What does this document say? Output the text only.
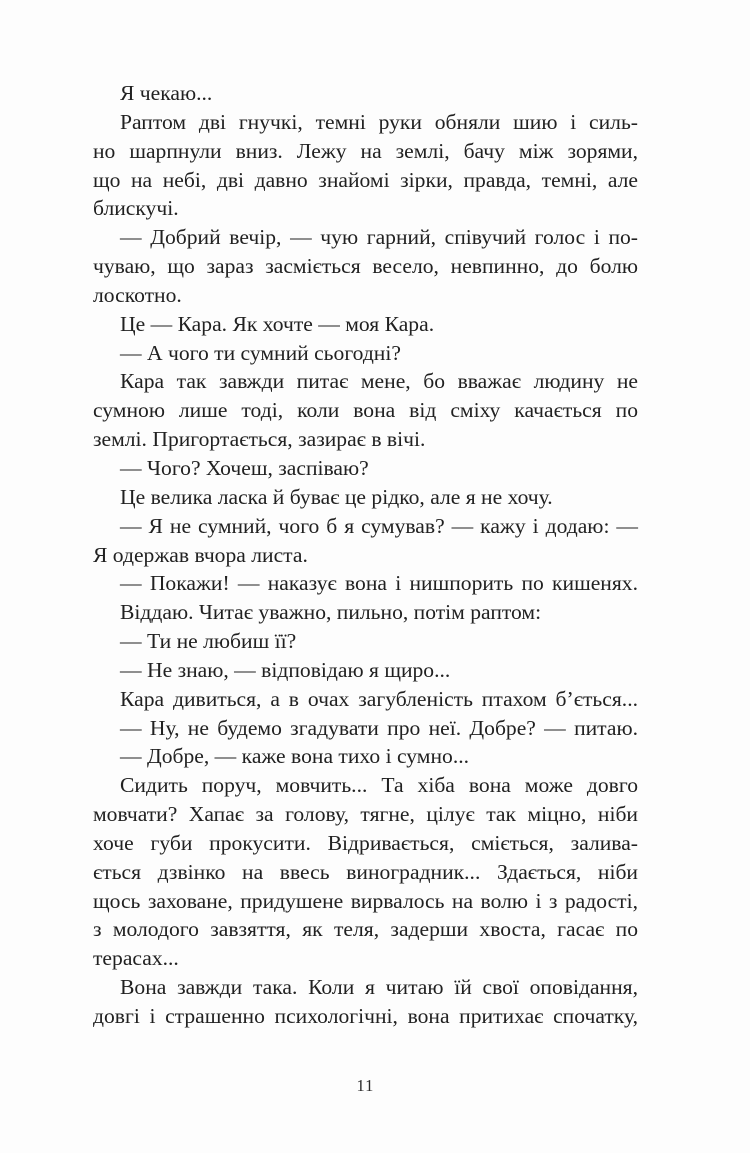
Я чекаю...
Раптом дві гнучкі, темні руки обняли шию і силь-
но шарпнули вниз. Лежу на землі, бачу між зорями,
що на небі, дві давно знайомі зірки, правда, темні, але
блискучі.
— Добрий вечір, — чую гарний, співучий голос і по-
чуваю, що зараз засміється весело, невпинно, до болю
лоскотно.
Це — Кара. Як хочте — моя Кара.
— А чого ти сумний сьогодні?
Кара так завжди питає мене, бо вважає людину не
сумною лише тоді, коли вона від сміху качається по
землі. Пригортається, зазирає в вічі.
— Чого? Хочеш, заспіваю?
Це велика ласка й буває це рідко, але я не хочу.
— Я не сумний, чого б я сумував? — кажу і додаю: —
Я одержав вчора листа.
— Покажи! — наказує вона і нишпорить по кишенях.
Віддаю. Читає уважно, пильно, потім раптом:
— Ти не любиш її?
— Не знаю, — відповідаю я щиро...
Кара дивиться, а в очах загубленість птахом б’ється...
— Ну, не будемо згадувати про неї. Добре? — питаю.
— Добре, — каже вона тихо і сумно...
Сидить поруч, мовчить... Та хіба вона може довго
мовчати? Хапає за голову, тягне, цілує так міцно, ніби
хоче губи прокусити. Відривається, сміється, залива-
ється дзвінко на ввесь виноградник... Здається, ніби
щось заховане, придушене вирвалось на волю і з радості,
з молодого завзяття, як теля, задерши хвоста, гасає по
терасах...
Вона завжди така. Коли я читаю їй свої оповідання,
довгі і страшенно психологічні, вона притихає спочатку,
11
